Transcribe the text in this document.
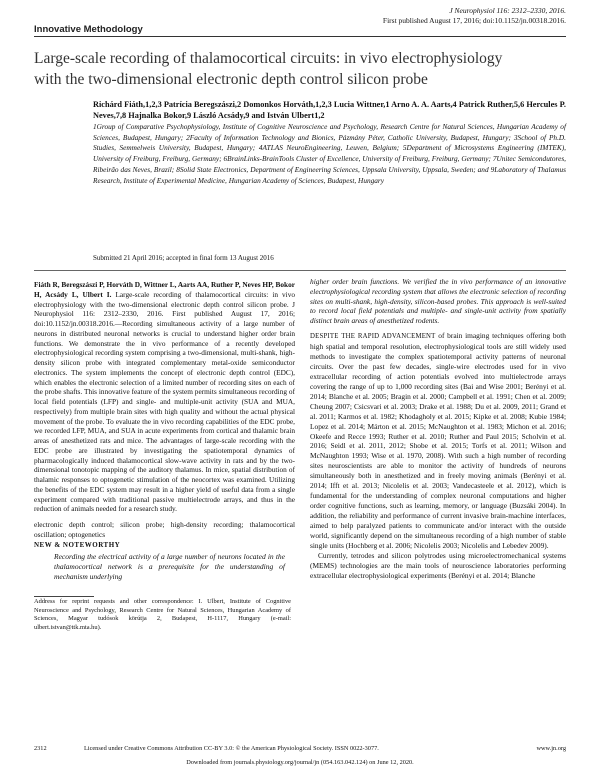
J Neurophysiol 116: 2312–2330, 2016.
First published August 17, 2016; doi:10.1152/jn.00318.2016.
Innovative Methodology
Large-scale recording of thalamocortical circuits: in vivo electrophysiology
with the two-dimensional electronic depth control silicon probe
Richárd Fiáth,1,2,3 Patrícia Beregszászi,2 Domonkos Horváth,1,2,3 Lucia Wittner,1 Arno A. A. Aarts,4 Patrick Ruther,5,6 Hercules P. Neves,7,8 Hajnalka Bokor,9 László Acsády,9 and István Ulbert1,2
1Group of Comparative Psychophysiology, Institute of Cognitive Neuroscience and Psychology, Research Centre for Natural Sciences, Hungarian Academy of Sciences, Budapest, Hungary; 2Faculty of Information Technology and Bionics, Pázmány Péter, Catholic University, Budapest, Hungary; 3School of Ph.D. Studies, Semmelweis University, Budapest, Hungary; 4ATLAS NeuroEngineering, Leuven, Belgium; 5Department of Microsystems Engineering (IMTEK), University of Freiburg, Freiburg, Germany; 6BrainLinks-BrainTools Cluster of Excellence, University of Freiburg, Freiburg, Germany; 7Unitec Semicondutores, Ribeirão das Neves, Brazil; 8Solid State Electronics, Department of Engineering Sciences, Uppsala University, Uppsala, Sweden; and 9Laboratory of Thalamus Research, Institute of Experimental Medicine, Hungarian Academy of Sciences, Budapest, Hungary
Submitted 21 April 2016; accepted in final form 13 August 2016
Fiáth R, Beregszászi P, Horváth D, Wittner L, Aarts AA, Ruther P, Neves HP, Bokor H, Acsády L, Ulbert I. Large-scale recording of thalamocortical circuits: in vivo electrophysiology with the two-dimensional electronic depth control silicon probe. J Neurophysiol 116: 2312–2330, 2016. First published August 17, 2016; doi:10.1152/jn.00318.2016.—Recording simultaneous activity of a large number of neurons in distributed neuronal networks is crucial to understand higher order brain functions. We demonstrate the in vivo performance of a recently developed electrophysiological recording system comprising a two-dimensional, multi-shank, high-density silicon probe with integrated complementary metal-oxide semiconductor electronics. The system implements the concept of electronic depth control (EDC), which enables the electronic selection of a limited number of recording sites on each of the probe shafts. This innovative feature of the system permits simultaneous recording of local field potentials (LFP) and single- and multiple-unit activity (SUA and MUA, respectively) from multiple brain sites with high quality and without the actual physical movement of the probe. To evaluate the in vivo recording capabilities of the EDC probe, we recorded LFP, MUA, and SUA in acute experiments from cortical and thalamic brain areas of anesthetized rats and mice. The advantages of large-scale recording with the EDC probe are illustrated by investigating the spatiotemporal dynamics of pharmacologically induced thalamocortical slow-wave activity in rats and by the two-dimensional tonotopic mapping of the auditory thalamus. In mice, spatial distribution of thalamic responses to optogenetic stimulation of the neocortex was examined. Utilizing the benefits of the EDC system may result in a higher yield of useful data from a single experiment compared with traditional passive multielectrode arrays, and thus in the reduction of animals needed for a research study.
electronic depth control; silicon probe; high-density recording; thalamocortical oscillation; optogenetics
NEW & NOTEWORTHY
Recording the electrical activity of a large number of neurons located in the thalamocortical network is a prerequisite for the understanding of mechanism underlying
Address for reprint requests and other correspondence: I. Ulbert, Institute of Cognitive Neuroscience and Psychology, Research Centre for Natural Sciences, Hungarian Academy of Sciences, Magyar tudósok körútja 2, Budapest, H-1117, Hungary (e-mail: ulbert.istvan@ttk.mta.hu).
higher order brain functions. We verified the in vivo performance of an innovative electrophysiological recording system that allows the electronic selection of recording sites on multi-shank, high-density, silicon-based probes. This approach is well-suited to record local field potentials and multiple- and single-unit activity from spatially distinct brain areas of anesthetized rodents.
DESPITE THE RAPID ADVANCEMENT of brain imaging techniques offering both high spatial and temporal resolution, electrophysiological tools are still widely used methods to investigate the complex spatiotemporal activity patterns of neuronal circuits. Over the past few decades, single-wire electrodes used for in vivo extracellular recording of action potentials evolved into multielectrode arrays covering the range of up to 1,000 recording sites (Bai and Wise 2001; Berényi et al. 2014; Blanche et al. 2005; Bragin et al. 2000; Campbell et al. 1991; Chen et al. 2009; Cheung 2007; Csicsvari et al. 2003; Drake et al. 1988; Du et al. 2009, 2011; Grand et al. 2011; Karmos et al. 1982; Khodagholy et al. 2015; Kipke et al. 2008; Kubie 1984; Lopez et al. 2014; Márton et al. 2015; McNaughton et al. 1983; Michon et al. 2016; Okeefe and Recce 1993; Ruther et al. 2010; Ruther and Paul 2015; Scholvin et al. 2016; Seidl et al. 2011, 2012; Shobe et al. 2015; Torfs et al. 2011; Wilson and McNaughton 1993; Wise et al. 1970, 2008). With such a high number of recording sites neuroscientists are able to monitor the activity of hundreds of neurons simultaneously both in anesthetized and in freely moving animals (Berényi et al. 2014; Ifft et al. 2013; Nicolelis et al. 2003; Vandecasteele et al. 2012), which is fundamental for the understanding of complex neuronal computations and higher order cognitive functions, such as learning, memory, or language (Buzsáki 2004). In addition, the reliability and performance of current invasive brain-machine interfaces, aimed to help paralyzed patients to communicate and/or interact with the outside world, significantly depend on the simultaneous recording of a high number of stable single units (Hochberg et al. 2006; Nicolelis 2003; Nicolelis and Lebedev 2009).
Currently, tetrodes and silicon polytrodes using microelectromechanical systems (MEMS) technologies are the main tools of neuroscience laboratories performing extracellular electrophysiological experiments (Berényi et al. 2014; Blanche
2312	Licensed under Creative Commons Attribution CC-BY 3.0: © the American Physiological Society. ISSN 0022-3077.	www.jn.org
Downloaded from journals.physiology.org/journal/jn (054.163.042.124) on June 12, 2020.
